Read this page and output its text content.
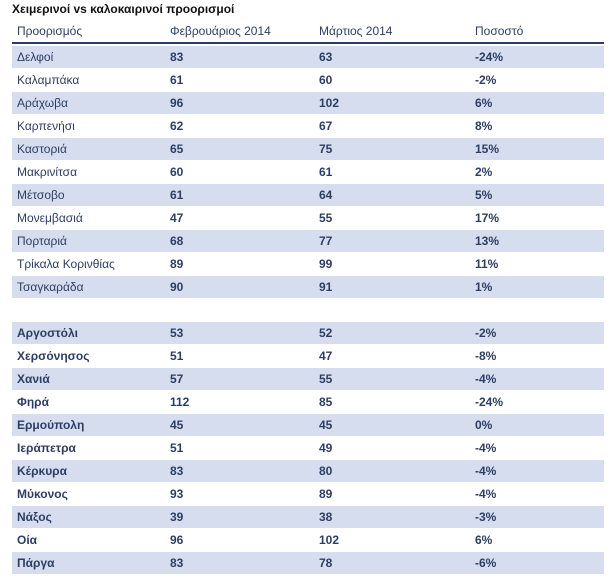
Χειμερινοί vs καλοκαιρινοί προορισμοί
Προορισμός	Φεβρουάριος 2014	Μάρτιος 2014	Ποσοστό
Δελφοί	83	63	-24%
Καλαμπάκα	61	60	-2%
Αράχωβα	96	102	6%
Καρπενήσι	62	67	8%
Καστοριά	65	75	15%
Μακρινίτσα	60	61	2%
Μέτσοβο	61	64	5%
Μονεμβασιά	47	55	17%
Πορταριά	68	77	13%
Τρίκαλα Κορινθίας	89	99	11%
Τσαγκαράδα	90	91	1%
Αργοστόλι	53	52	-2%
Χερσόνησος	51	47	-8%
Χανιά	57	55	-4%
Φηρά	112	85	-24%
Ερμούπολη	45	45	0%
Ιεράπετρα	51	49	-4%
Κέρκυρα	83	80	-4%
Μύκονος	93	89	-4%
Νάξος	39	38	-3%
Οία	96	102	6%
Πάργα	83	78	-6%
